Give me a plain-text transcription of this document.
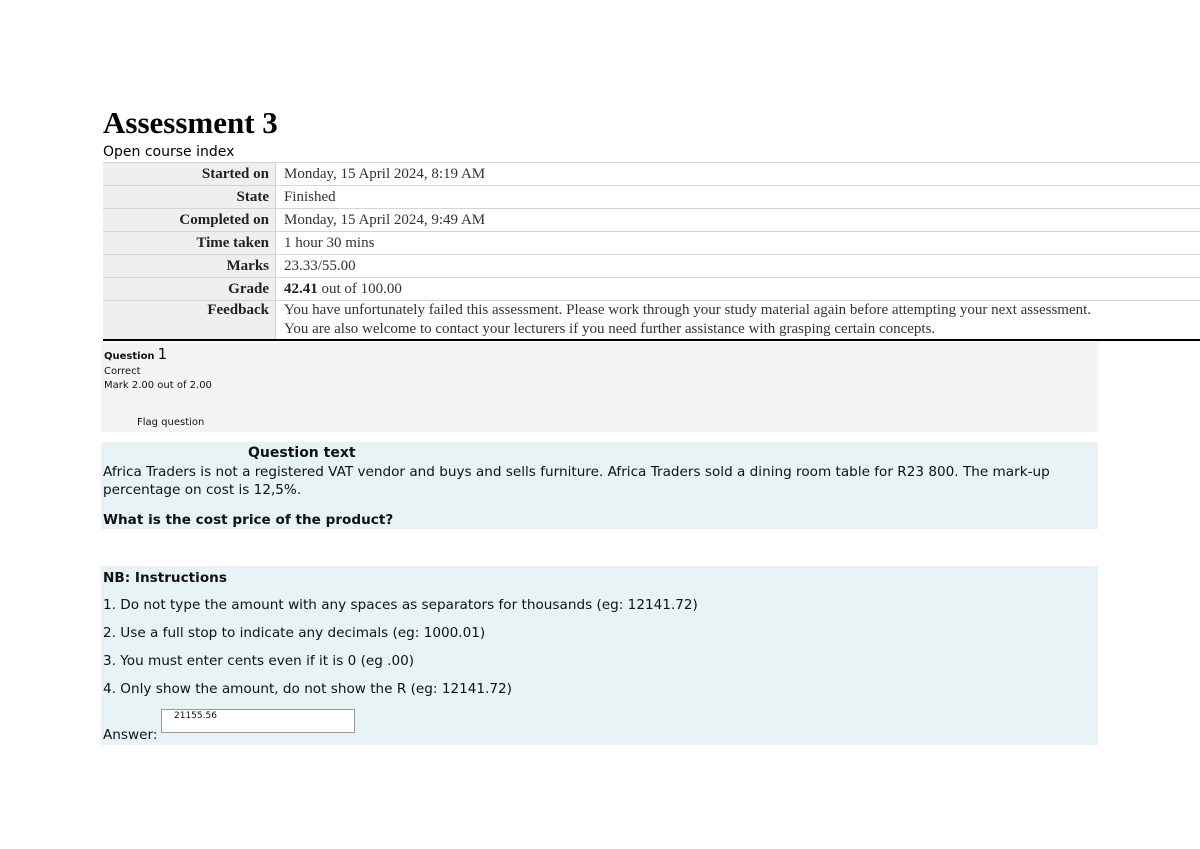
Assessment 3
Open course index
Started on	Monday, 15 April 2024, 8:19 AM
State	Finished
Completed on	Monday, 15 April 2024, 9:49 AM
Time taken	1 hour 30 mins
Marks	23.33/55.00
Grade	42.41 out of 100.00
Feedback	You have unfortunately failed this assessment. Please work through your study material again before attempting your next assessment.
You are also welcome to contact your lecturers if you need further assistance with grasping certain concepts.
Question 1
Correct
Mark 2.00 out of 2.00
Flag question
Question text
Africa Traders is not a registered VAT vendor and buys and sells furniture. Africa Traders sold a dining room table for R23 800. The mark-up percentage on cost is 12,5%.
What is the cost price of the product?
NB: Instructions
1. Do not type the amount with any spaces as separators for thousands (eg: 12141.72)
2. Use a full stop to indicate any decimals (eg: 1000.01)
3. You must enter cents even if it is 0 (eg .00)
4. Only show the amount, do not show the R (eg: 12141.72)
Answer:
21155.56
